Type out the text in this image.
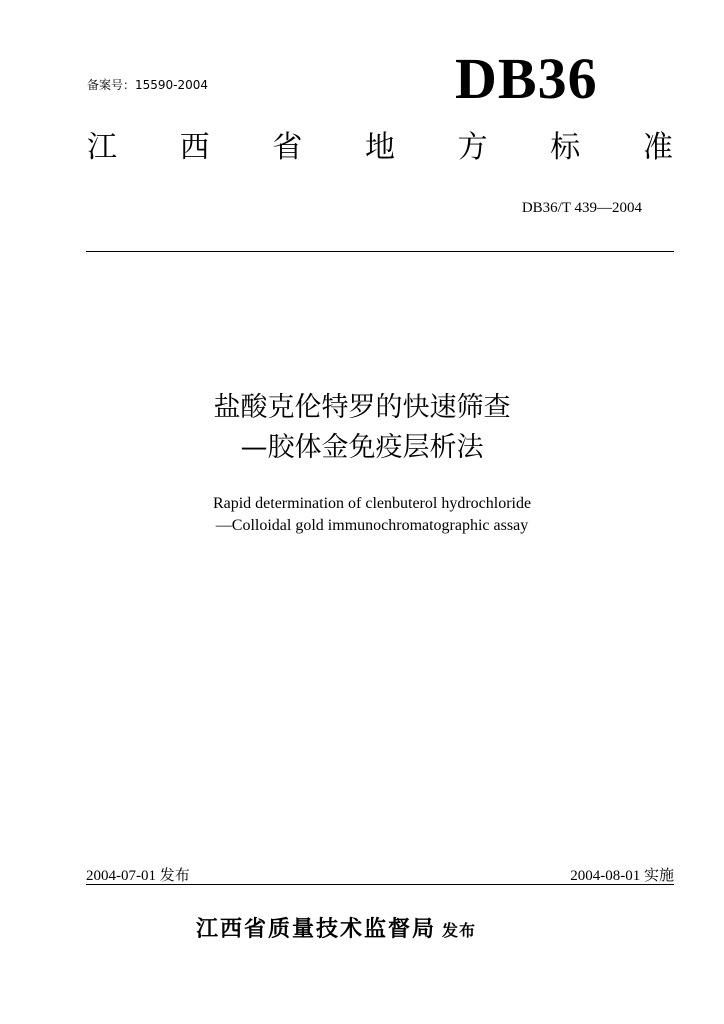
备案号：15590-2004	DB36
江 西 省 地 方 标 准
DB36/T 439—2004
盐酸克伦特罗的快速筛查
—胶体金免疫层析法
Rapid determination of clenbuterol hydrochloride
—Colloidal gold immunochromatographic assay
2004-07-01 发布	2004-08-01 实施
江西省质量技术监督局 发布
